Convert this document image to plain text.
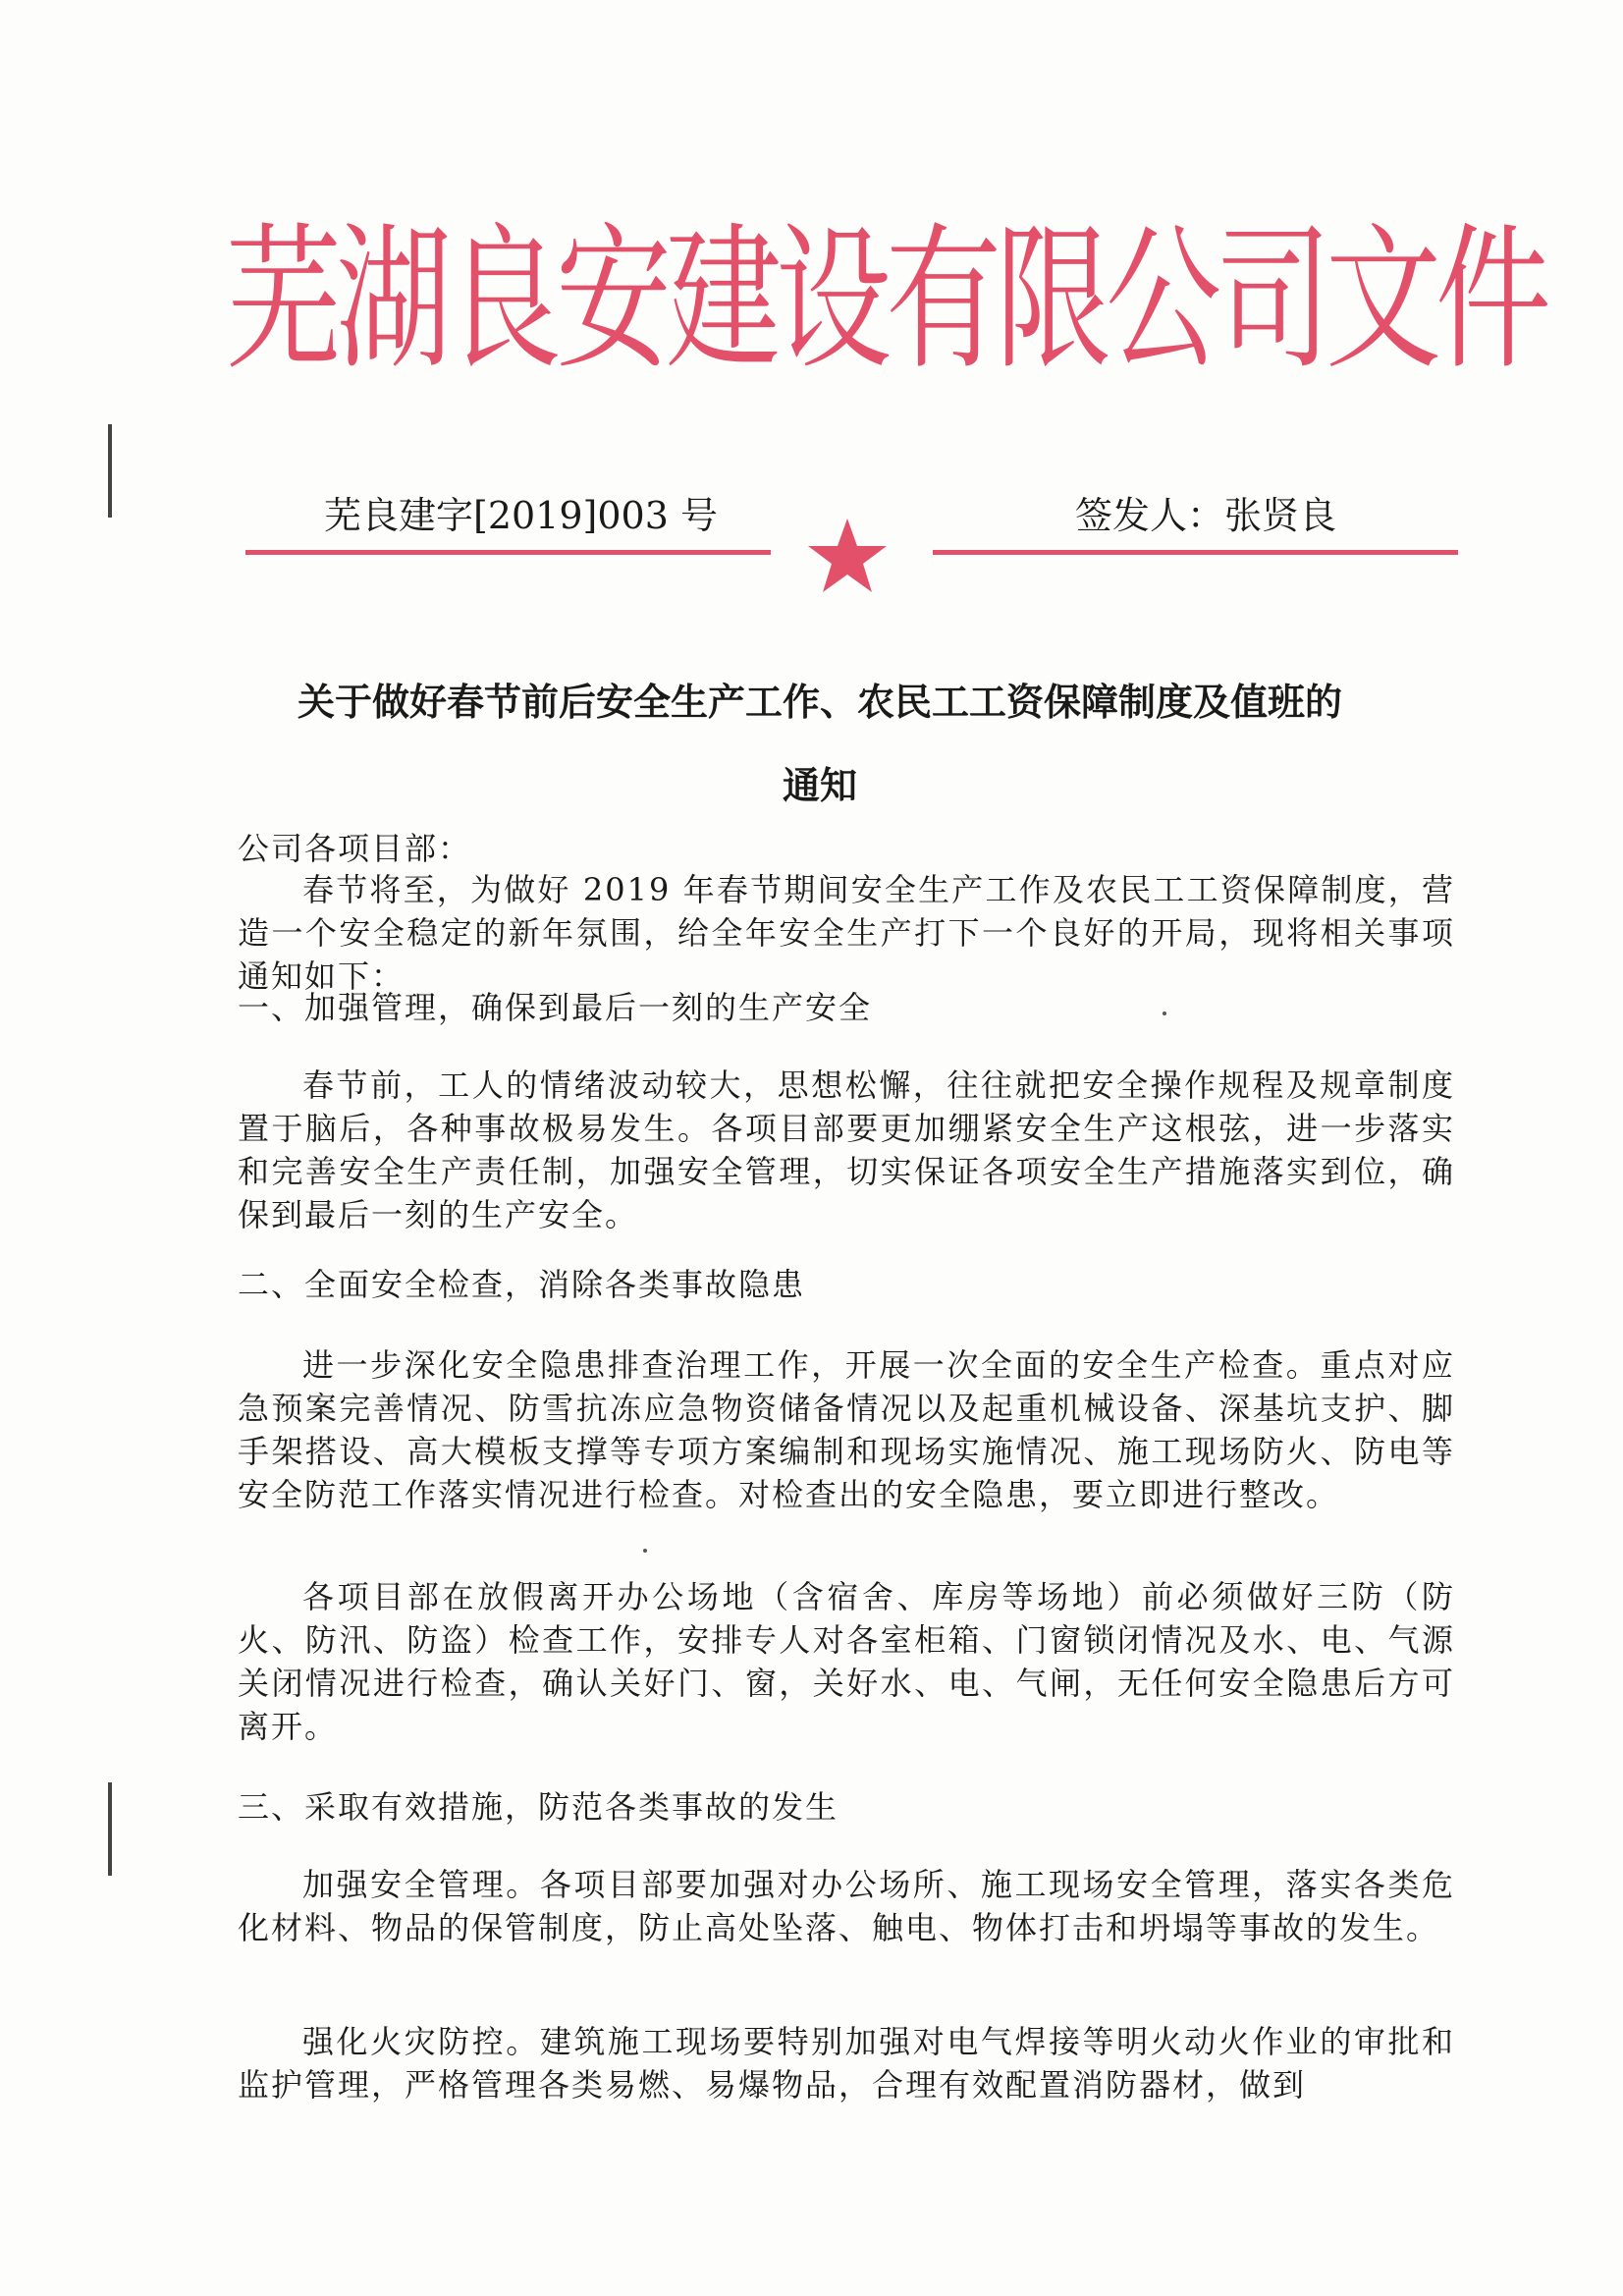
芜湖良安建设有限公司文件
芜良建字[2019]003 号	签发人：张贤良
关于做好春节前后安全生产工作、农民工工资保障制度及值班的
通知
公司各项目部：
春节将至，为做好 2019 年春节期间安全生产工作及农民工工资保障制度，营造一个安全稳定的新年氛围，给全年安全生产打下一个良好的开局，现将相关事项通知如下：
一、加强管理，确保到最后一刻的生产安全
春节前，工人的情绪波动较大，思想松懈，往往就把安全操作规程及规章制度置于脑后，各种事故极易发生。各项目部要更加绷紧安全生产这根弦，进一步落实和完善安全生产责任制，加强安全管理，切实保证各项安全生产措施落实到位，确保到最后一刻的生产安全。
二、全面安全检查，消除各类事故隐患
进一步深化安全隐患排查治理工作，开展一次全面的安全生产检查。重点对应急预案完善情况、防雪抗冻应急物资储备情况以及起重机械设备、深基坑支护、脚手架搭设、高大模板支撑等专项方案编制和现场实施情况、施工现场防火、防电等安全防范工作落实情况进行检查。对检查出的安全隐患，要立即进行整改。
各项目部在放假离开办公场地（含宿舍、库房等场地）前必须做好三防（防火、防汛、防盗）检查工作，安排专人对各室柜箱、门窗锁闭情况及水、电、气源关闭情况进行检查，确认关好门、窗，关好水、电、气闸，无任何安全隐患后方可离开。
三、采取有效措施，防范各类事故的发生
加强安全管理。各项目部要加强对办公场所、施工现场安全管理，落实各类危化材料、物品的保管制度，防止高处坠落、触电、物体打击和坍塌等事故的发生。
强化火灾防控。建筑施工现场要特别加强对电气焊接等明火动火作业的审批和监护管理，严格管理各类易燃、易爆物品，合理有效配置消防器材，做到
